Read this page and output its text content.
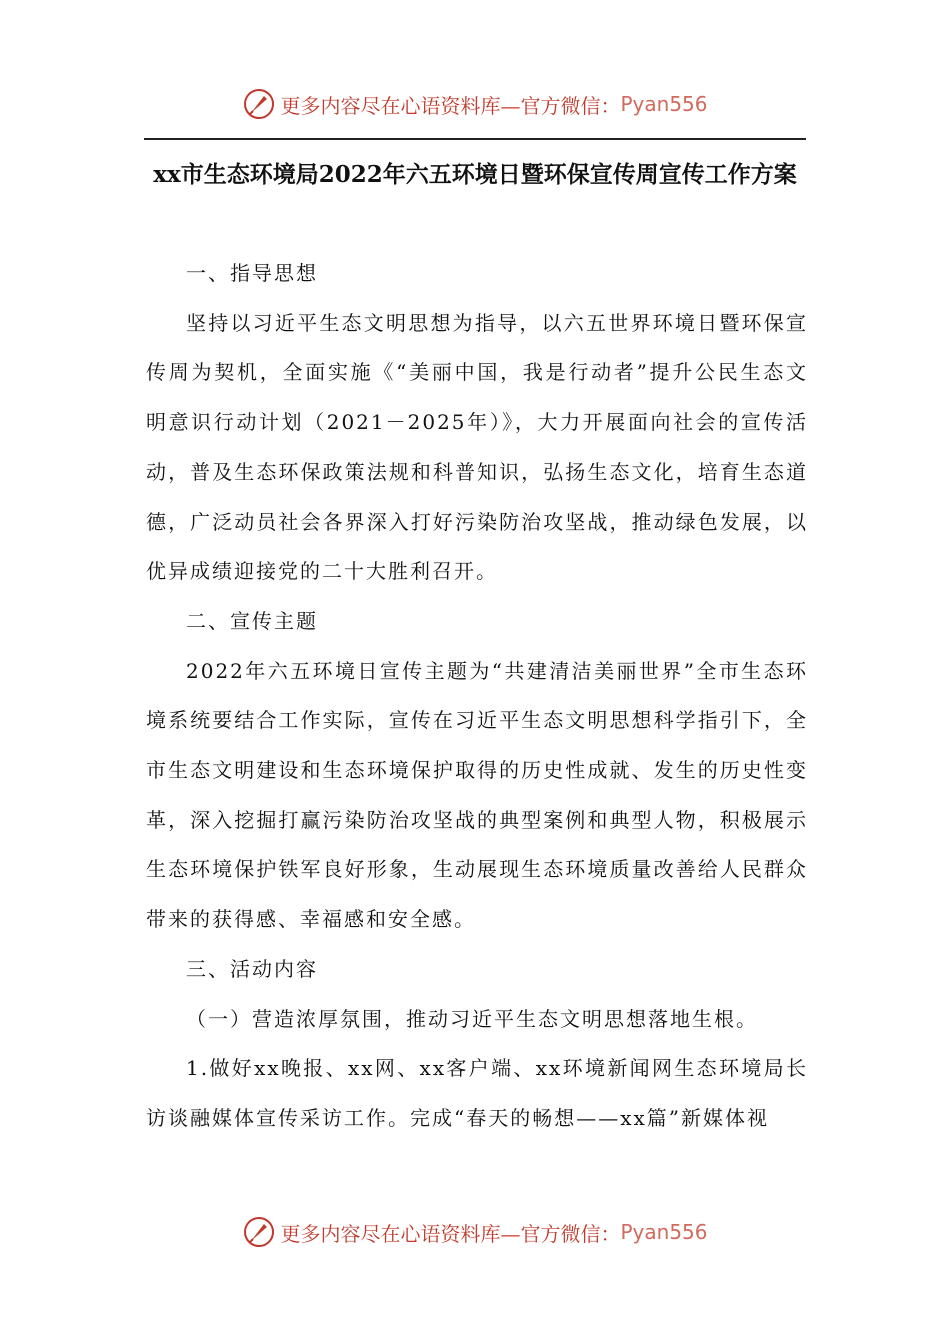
更多内容尽在心语资料库—官方微信： Pyan556
xx市生态环境局2022年六五环境日暨环保宣传周宣传工作方案

一、指导思想

坚持以习近平生态文明思想为指导，以六五世界环境日暨环保宣传周为契机，全面实施《“美丽中国，我是行动者”提升公民生态文明意识行动计划（2021－2025年）》，大力开展面向社会的宣传活动，普及生态环保政策法规和科普知识，弘扬生态文化，培育生态道德，广泛动员社会各界深入打好污染防治攻坚战，推动绿色发展，以优异成绩迎接党的二十大胜利召开。

二、宣传主题

2022年六五环境日宣传主题为“共建清洁美丽世界”全市生态环境系统要结合工作实际，宣传在习近平生态文明思想科学指引下，全市生态文明建设和生态环境保护取得的历史性成就、发生的历史性变革，深入挖掘打赢污染防治攻坚战的典型案例和典型人物，积极展示生态环境保护铁军良好形象，生动展现生态环境质量改善给人民群众带来的获得感、幸福感和安全感。

三、活动内容

（一）营造浓厚氛围，推动习近平生态文明思想落地生根。

1.做好xx晚报、xx网、xx客户端、xx环境新闻网生态环境局长访谈融媒体宣传采访工作。完成“春天的畅想——xx篇”新媒体视

更多内容尽在心语资料库—官方微信： Pyan556
